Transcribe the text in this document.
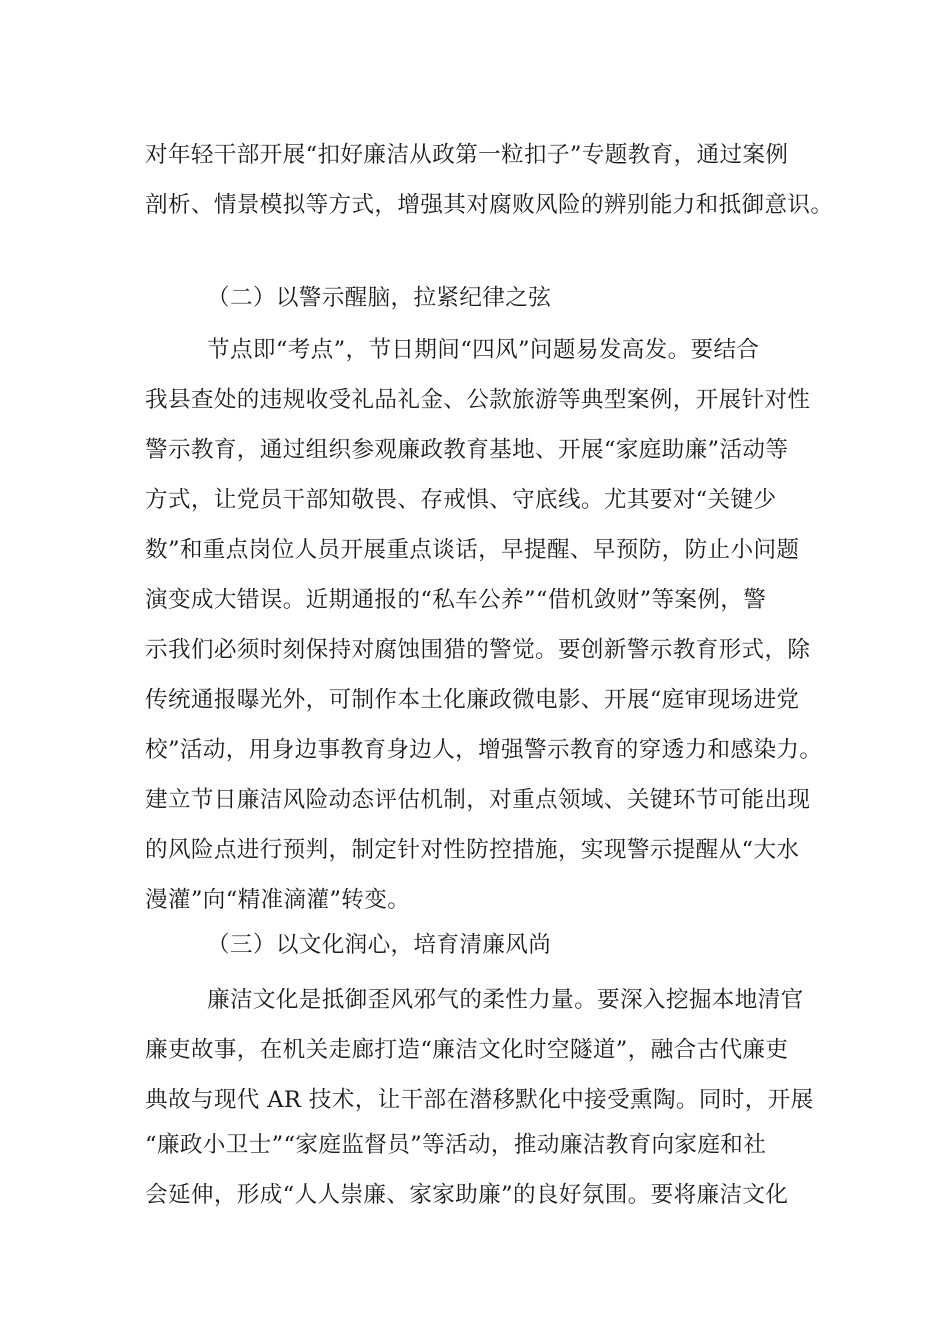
对年轻干部开展“扣好廉洁从政第一粒扣子”专题教育，通过案例
剖析、情景模拟等方式，增强其对腐败风险的辨别能力和抵御意识。
（二）以警示醒脑，拉紧纪律之弦
节点即“考点”，节日期间“四风”问题易发高发。要结合
我县查处的违规收受礼品礼金、公款旅游等典型案例，开展针对性
警示教育，通过组织参观廉政教育基地、开展“家庭助廉”活动等
方式，让党员干部知敬畏、存戒惧、守底线。尤其要对“关键少
数”和重点岗位人员开展重点谈话，早提醒、早预防，防止小问题
演变成大错误。近期通报的“私车公养”“借机敛财”等案例，警
示我们必须时刻保持对腐蚀围猎的警觉。要创新警示教育形式，除
传统通报曝光外，可制作本土化廉政微电影、开展“庭审现场进党
校”活动，用身边事教育身边人，增强警示教育的穿透力和感染力。
建立节日廉洁风险动态评估机制，对重点领域、关键环节可能出现
的风险点进行预判，制定针对性防控措施，实现警示提醒从“大水
漫灌”向“精准滴灌”转变。
（三）以文化润心，培育清廉风尚
廉洁文化是抵御歪风邪气的柔性力量。要深入挖掘本地清官
廉吏故事，在机关走廊打造“廉洁文化时空隧道”，融合古代廉吏
典故与现代 AR 技术，让干部在潜移默化中接受熏陶。同时，开展
“廉政小卫士”“家庭监督员”等活动，推动廉洁教育向家庭和社
会延伸，形成“人人崇廉、家家助廉”的良好氛围。要将廉洁文化
